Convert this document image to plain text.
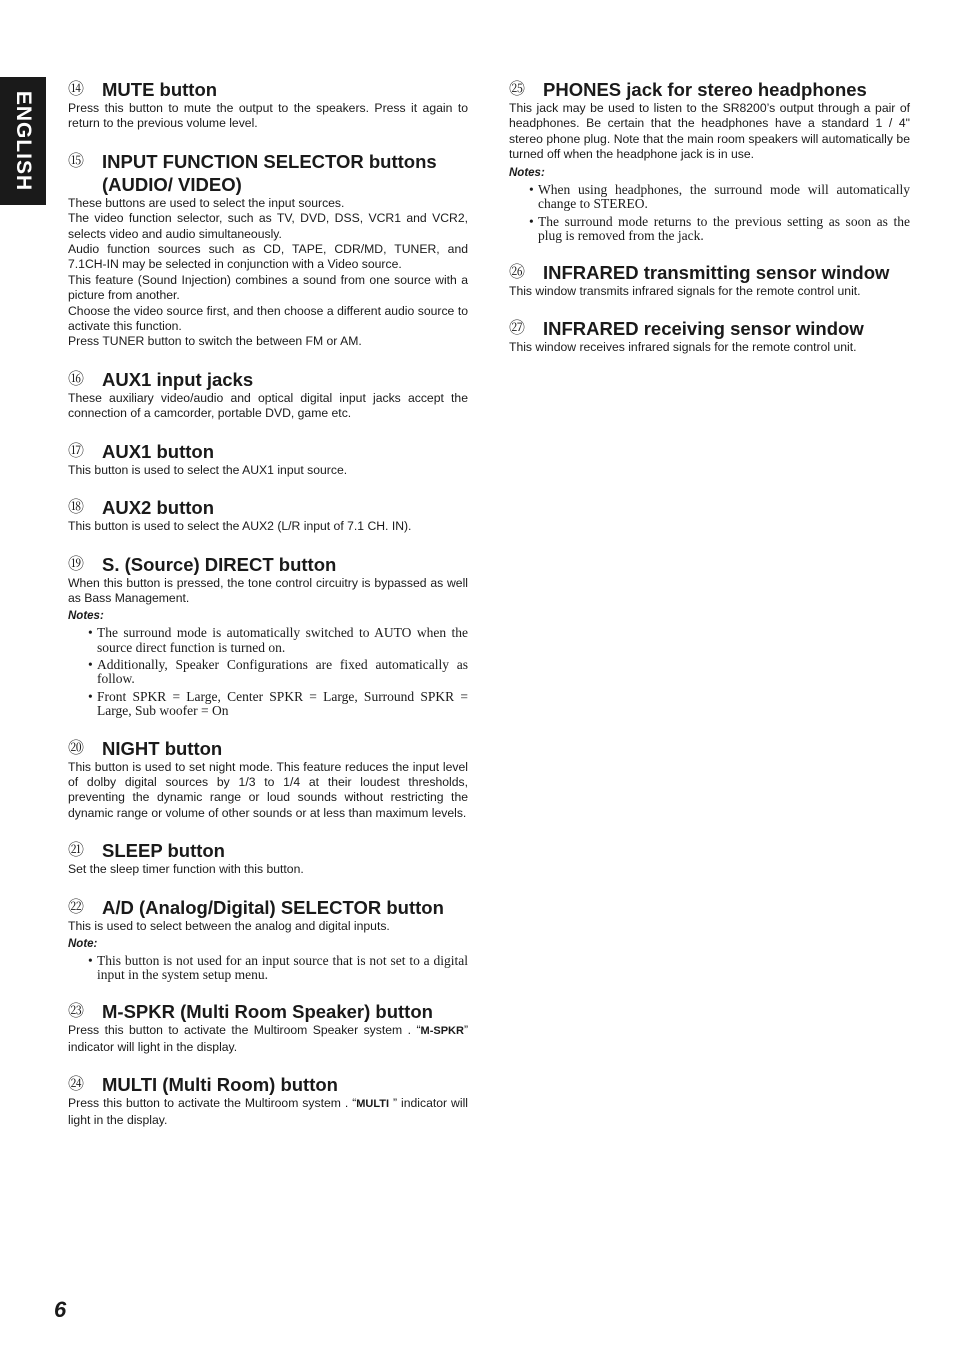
ENGLISH
⑭ MUTE button

Press this button to mute the output to the speakers. Press it again to return to the previous volume level.

⑮ INPUT FUNCTION SELECTOR buttons (AUDIO/ VIDEO)

These buttons are used to select the input sources.

The video function selector, such as TV, DVD, DSS, VCR1 and VCR2, selects video and audio simultaneously.

Audio function sources such as CD, TAPE, CDR/MD, TUNER, and 7.1CH-IN may be selected in conjunction with a Video source.

This feature (Sound Injection) combines a sound from one source with a picture from another.

Choose the video source first, and then choose a different audio source to activate this function.

Press TUNER button to switch the between FM or AM.

⑯ AUX1 input jacks

These auxiliary video/audio and optical digital input jacks accept the connection of a camcorder, portable DVD, game etc.

⑰ AUX1 button

This button is used to select the AUX1 input source.

⑱ AUX2 button

This button is used to select the AUX2 (L/R input of 7.1 CH. IN).

⑲ S. (Source) DIRECT button

When this button is pressed, the tone control circuitry is bypassed as well as Bass Management.

Notes:
• The surround mode is automatically switched to AUTO when the source direct function is turned on.
• Additionally, Speaker Configurations are fixed automatically as follow.
• Front SPKR = Large, Center SPKR = Large, Surround SPKR = Large, Sub woofer = On
⑳ NIGHT button

This button is used to set night mode. This feature reduces the input level of dolby digital sources by 1/3 to 1/4 at their loudest thresholds, preventing the dynamic range or loud sounds without restricting the dynamic range or volume of other sounds or at less than maximum levels.

㉑ SLEEP button

Set the sleep timer function with this button.

㉒ A/D (Analog/Digital) SELECTOR button

This is used to select between the analog and digital inputs.

Note:
• This button is not used for an input source that is not set to a digital input in the system setup menu.
㉓ M-SPKR (Multi Room Speaker) button

Press this button to activate the Multiroom Speaker system . “M-SPKR” indicator will light in the display.

㉔ MULTI (Multi Room) button

Press this button to activate the Multiroom system . “MULTI ” indicator will light in the display.

㉕ PHONES jack for stereo headphones

This jack may be used to listen to the SR8200’s output through a pair of headphones. Be certain that the headphones have a standard 1 / 4" stereo phone plug. Note that the main room speakers will automatically be turned off when the headphone jack is in use.

Notes:
• When using headphones, the surround mode will automatically change to STEREO.
• The surround mode returns to the previous setting as soon as the plug is removed from the jack.
㉖ INFRARED transmitting sensor window

This window transmits infrared signals for the remote control unit.

㉗ INFRARED receiving sensor window

This window receives infrared signals for the remote control unit.

6
